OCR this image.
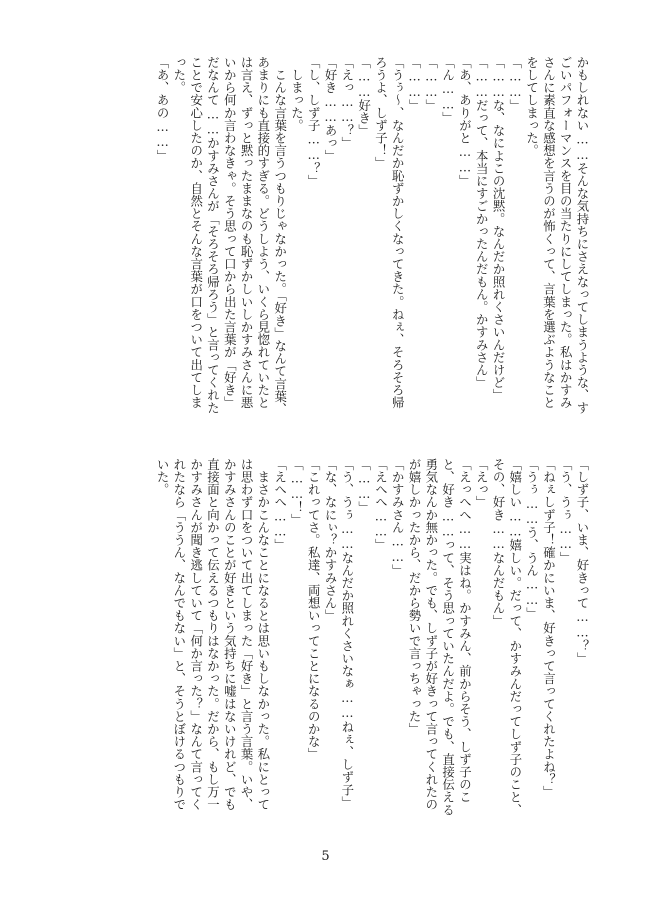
かもしれない……そんな気持ちにさえなってしまうような、す
ごいパフォーマンスを目の当たりにしてしまった。私はかすみ
さんに素直な感想を言うのが怖くって、言葉を選ぶようなこと
をしてしまった。
「……」
「……な、なによこの沈黙。なんだか照れくさいんだけど」
「……だって、本当にすごかったんだもん。かすみさん」
「あ、ありがと……」
「ん……」
「……」
「……」
「うぅ〜、なんだか恥ずかしくなってきた。ねぇ、そろそろ帰
ろうよ、しず子！」
「……好き」
「えっ……？」
「好き……あっ」
「し、しず子……？」
　しまった。
　こんな言葉を言うつもりじゃなかった。「好き」なんて言葉、
あまりにも直接的すぎる。どうしよう、いくら見惚れていたと
は言え、ずっと黙ったままなのも恥ずかしいしかすみさんに悪
いから何か言わなきゃ。そう思って口から出た言葉が「好き」
だなんて……かすみさんが「そろそろ帰ろう」と言ってくれた
ことで安心したのか、自然とそんな言葉が口をついて出てしま
った。
「あ、あの……」
「しず子、いま、好きって……？」
「う、うぅ……」
「ねぇしず子！確かにいま、好きって言ってくれたよね？」
「うぅ……う、うん……」
「嬉しい……嬉しい。だって、かすみんだってしず子のこと、
その、好き……なんだもん」
「えっ」
「えっへへ……実はね。かすみん、前からそう、しず子のこ
と、好き……って、そう思っていたんだよ。でも、直接伝える
勇気なんか無かった。でも、しず子が好きって言ってくれたの
が嬉しかったから、だから勢いで言っちゃった」
「かすみさん……」
「えへへ……」
「……」
「う、うぅ……なんだか照れくさいなぁ……ねぇ、しず子」
「な、なにぃ？かすみさん」
「これってさ。私達、両想いってことになるのかな」
「……！」
「えへへ……」
　まさかこんなことになるとは思いもしなかった。私にとって
は思わず口をついて出てしまった「好き」と言う言葉。いや、
かすみさんのことが好きという気持ちに嘘はないけれど、でも
直接面と向かって伝えるつもりはなかった。だから、もし万一
かすみさんが聞き逃していて「何か言った？」なんて言ってく
れたなら「ううん、なんでもない」と、そうとぼけるつもりで
いた。
5
